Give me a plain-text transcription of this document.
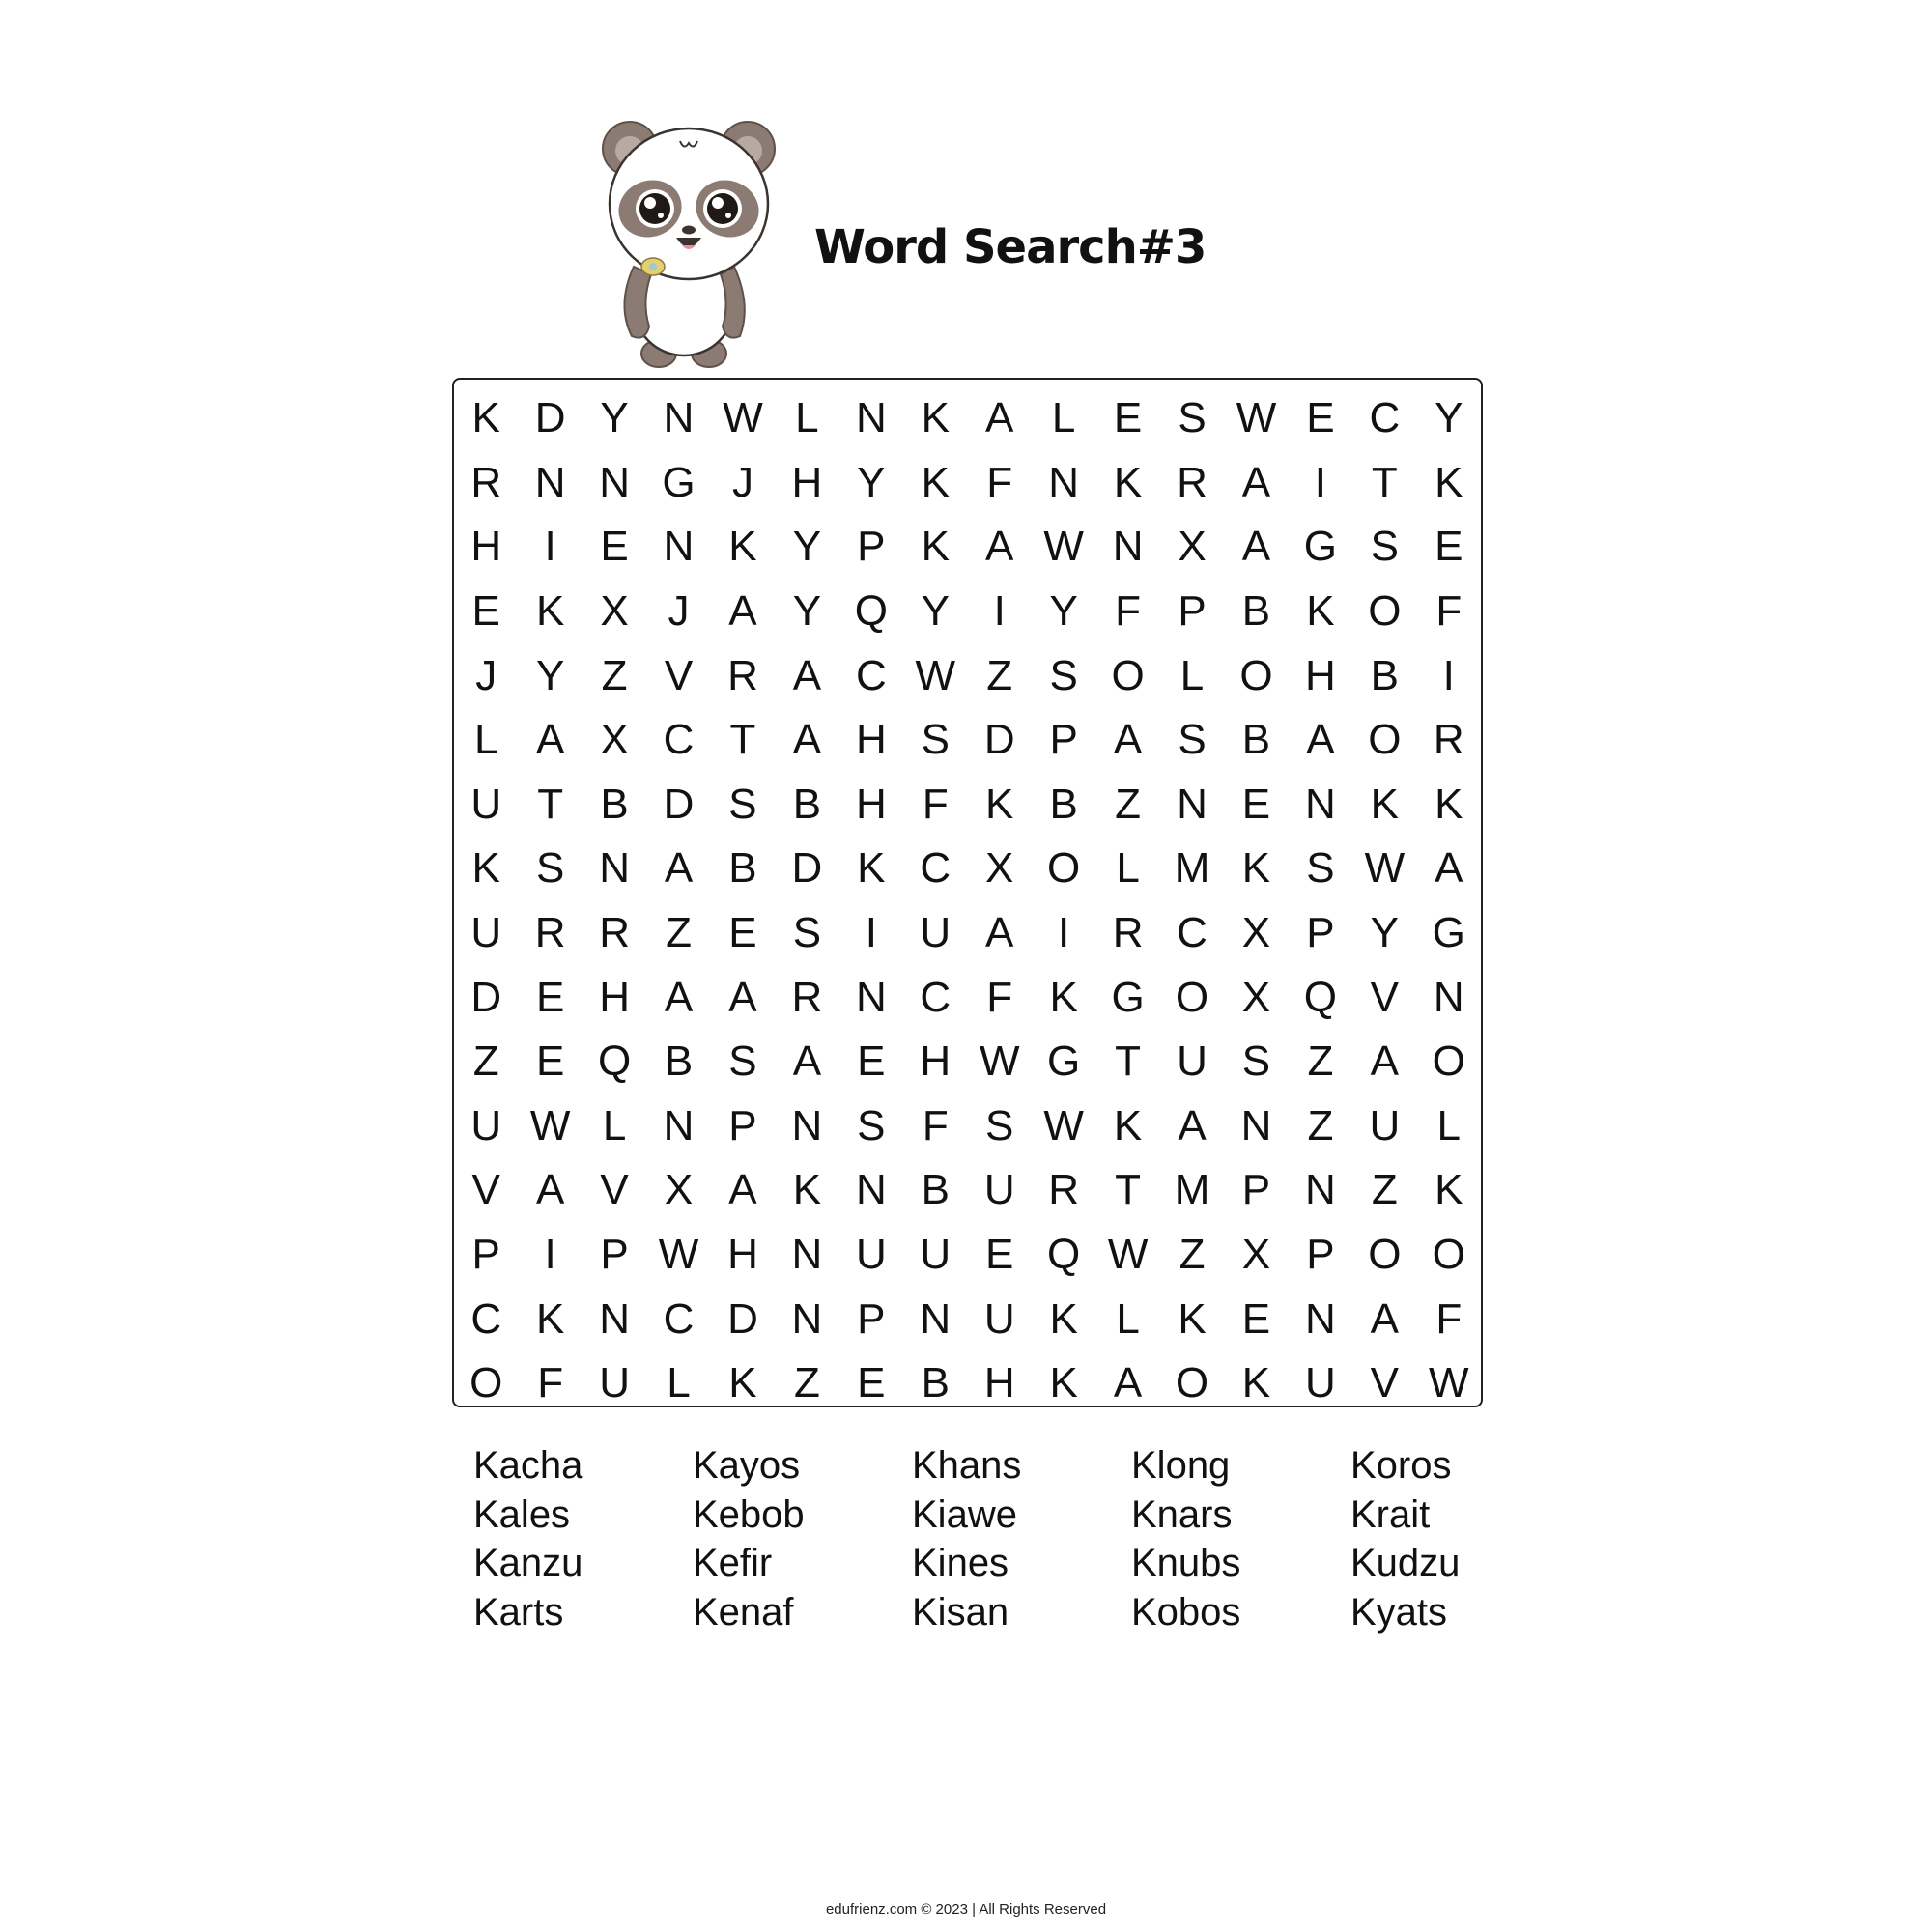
Word Search#3
K D Y N W L N K A L E S W E C Y
R N N G J H Y K F N K R A	I	T K
H	I	E N K Y P K A W N X A G S E
E K X J A Y Q Y	I	Y F P B K O F
J Y Z V R A C W Z S O L O H B	I
L A X C T A H S D P A S B A O R
U T B D S B H F K B Z N E N K K
K S N A B D K C X O L M K S W A
U R R Z E S	I	U A	I	R C X P Y G
D E H A A R N C F K G O X Q V N
Z E Q B S A E H W G T U S Z A O
U W L N P N S F S W K A N Z U L
V A V X A K N B U R T M P N Z K
P	I	P W H N U U E Q W Z X P O O
C K N C D N P N U K L K E N A F
O F U L K Z E B H K A O K U V W
Kacha	Kayos	Khans	Klong	Koros
Kales	Kebob	Kiawe	Knars	Krait
Kanzu	Kefir	Kines	Knubs	Kudzu
Karts	Kenaf	Kisan	Kobos	Kyats
edufrienz.com © 2023 | All Rights Reserved
